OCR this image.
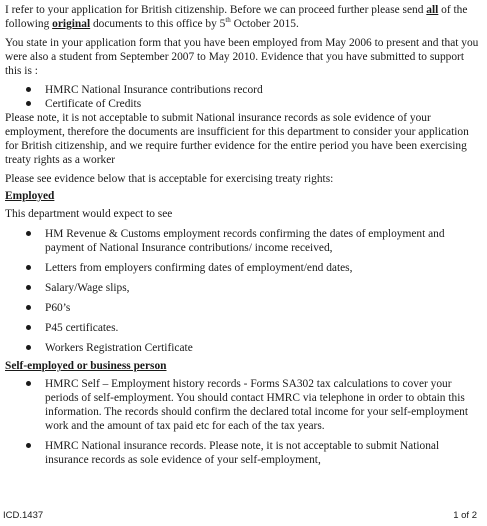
I refer to your application for British citizenship. Before we can proceed further please send all of the following original documents to this office by 5th October 2015.

You state in your application form that you have been employed from May 2006 to present and that you were also a student from September 2007 to May 2010. Evidence that you have submitted to support this is :

HMRC National Insurance contributions record
Certificate of Credits

Please note, it is not acceptable to submit National insurance records as sole evidence of your employment, therefore the documents are insufficient for this department to consider your application for British citizenship, and we require further evidence for the entire period you have been exercising treaty rights as a worker

Please see evidence below that is acceptable for exercising treaty rights:

Employed

This department would expect to see

HM Revenue & Customs employment records confirming the dates of employment and payment of National Insurance contributions/ income received,
Letters from employers confirming dates of employment/end dates,
Salary/Wage slips,
P60’s
P45 certificates.
Workers Registration Certificate

Self-employed or business person

HMRC Self – Employment history records - Forms SA302 tax calculations to cover your periods of self-employment. You should contact HMRC via telephone in order to obtain this information. The records should confirm the declared total income for your self-employment work and the amount of tax paid etc for each of the tax years.
HMRC National insurance records. Please note, it is not acceptable to submit National insurance records as sole evidence of your self-employment,
ICD.1437	1 of 2
